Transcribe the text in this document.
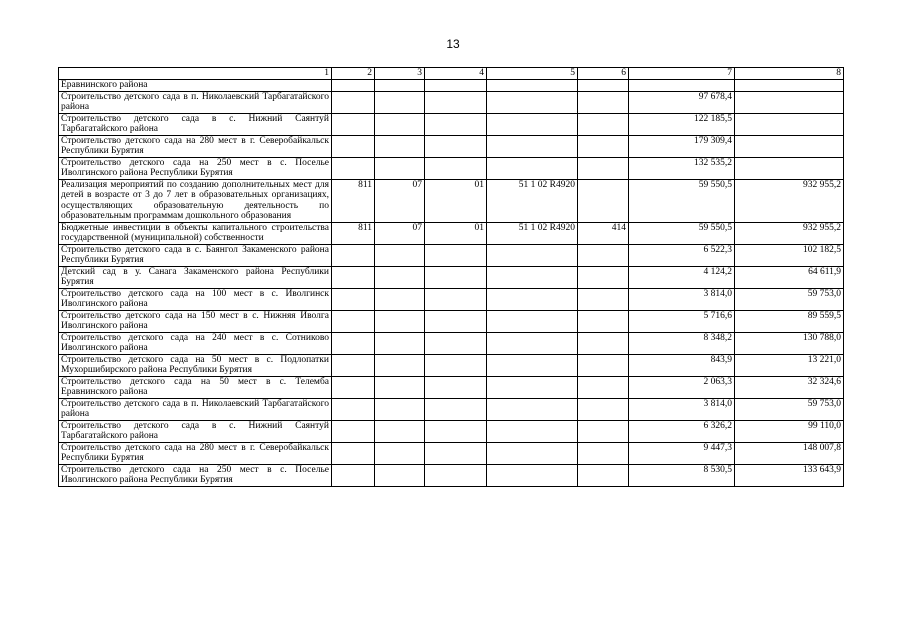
13
1	2	3	4	5	6	7	8
Еравнинского района							
Строительство детского сада в п. Николаевский Тарбагатайского района						97 678,4	
Строительство детского сада в с. Нижний Саянтуй Тарбагатайского района						122 185,5	
Строительство детского сада на 280 мест в г. Северобайкальск Республики Бурятия						179 309,4	
Строительство детского сада на 250 мест в с. Поселье Иволгинского района Республики Бурятия						132 535,2	
Реализация мероприятий по созданию дополнительных мест для детей в возрасте от 3 до 7 лет в образовательных организациях, осуществляющих образовательную деятельность по образовательным программам дошкольного образования	811	07	01	51 1 02 R4920		59 550,5	932 955,2
Бюджетные инвестиции в объекты капитального строительства государственной (муниципальной) собственности	811	07	01	51 1 02 R4920	414	59 550,5	932 955,2
Строительство детского сада в с. Баянгол Закаменского района Республики Бурятия						6 522,3	102 182,5
Детский сад в у. Санага Закаменского района Республики Бурятия						4 124,2	64 611,9
Строительство детского сада на 100 мест в с. Иволгинск Иволгинского района						3 814,0	59 753,0
Строительство детского сада на 150 мест в с. Нижняя Иволга Иволгинского района						5 716,6	89 559,5
Строительство детского сада на 240 мест в с. Сотниково Иволгинского района						8 348,2	130 788,0
Строительство детского сада на 50 мест в с. Подлопатки Мухоршибирского района Республики Бурятия						843,9	13 221,0
Строительство детского сада на 50 мест в с. Телемба Еравнинского района						2 063,3	32 324,6
Строительство детского сада в п. Николаевский Тарбагатайского района						3 814,0	59 753,0
Строительство детского сада в с. Нижний Саянтуй Тарбагатайского района						6 326,2	99 110,0
Строительство детского сада на 280 мест в г. Северобайкальск Республики Бурятия						9 447,3	148 007,8
Строительство детского сада на 250 мест в с. Поселье Иволгинского района Республики Бурятия						8 530,5	133 643,9
